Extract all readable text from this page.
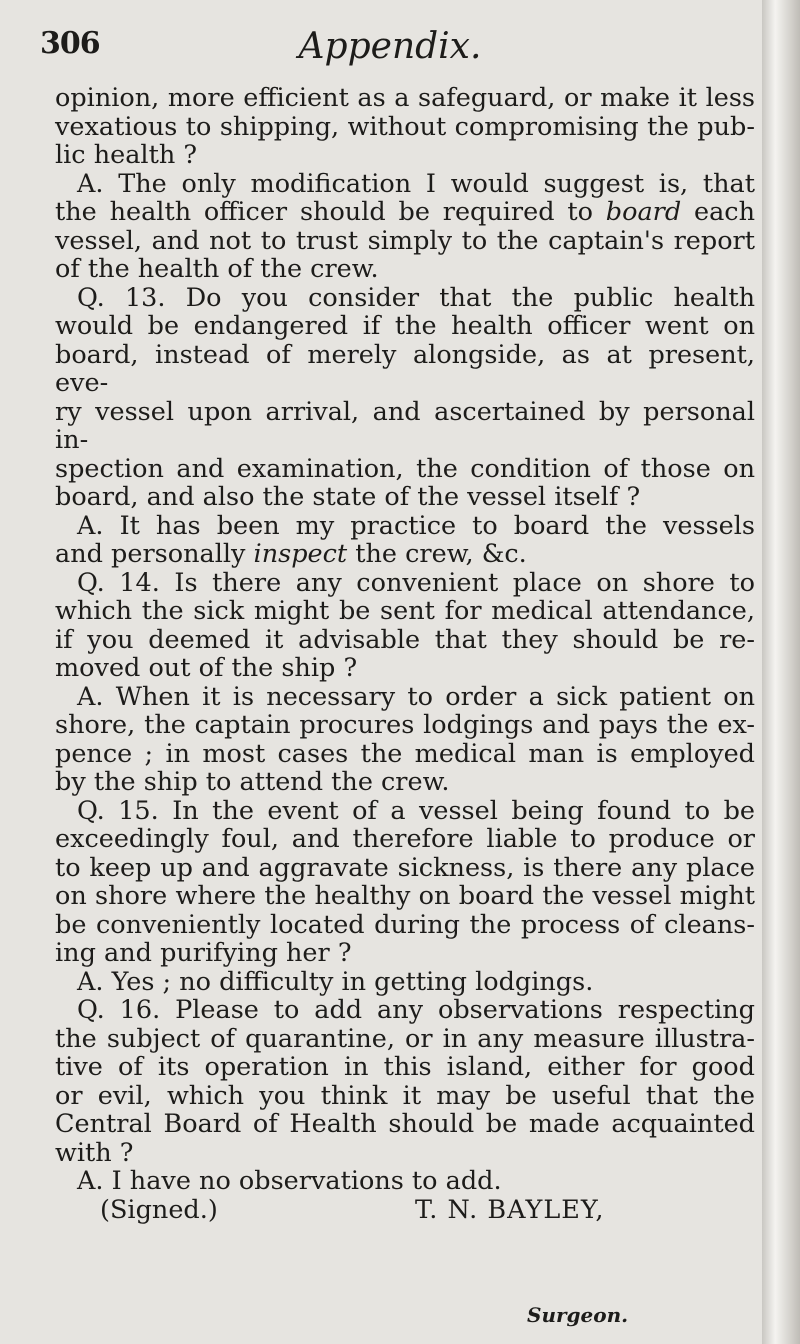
306	Appendix.
opinion, more efficient as a safeguard, or make it less
vexatious to shipping, without compromising the pub-
lic health ?
A. The only modification I would suggest is, that
the health officer should be required to board each
vessel, and not to trust simply to the captain's report
of the health of the crew.
Q. 13. Do you consider that the public health
would be endangered if the health officer went on
board, instead of merely alongside, as at present, eve-
ry vessel upon arrival, and ascertained by personal in-
spection and examination, the condition of those on
board, and also the state of the vessel itself ?
A. It has been my practice to board the vessels
and personally inspect the crew, &c.
Q. 14. Is there any convenient place on shore to
which the sick might be sent for medical attendance,
if you deemed it advisable that they should be re-
moved out of the ship ?
A. When it is necessary to order a sick patient on
shore, the captain procures lodgings and pays the ex-
pence ; in most cases the medical man is employed
by the ship to attend the crew.
Q. 15. In the event of a vessel being found to be
exceedingly foul, and therefore liable to produce or
to keep up and aggravate sickness, is there any place
on shore where the healthy on board the vessel might
be conveniently located during the process of cleans-
ing and purifying her ?
A. Yes ; no difficulty in getting lodgings.
Q. 16. Please to add any observations respecting
the subject of quarantine, or in any measure illustra-
tive of its operation in this island, either for good
or evil, which you think it may be useful that the
Central Board of Health should be made acquainted
with ?
A. I have no observations to add.
(Signed.)	T. N. BAYLEY,
Surgeon.
